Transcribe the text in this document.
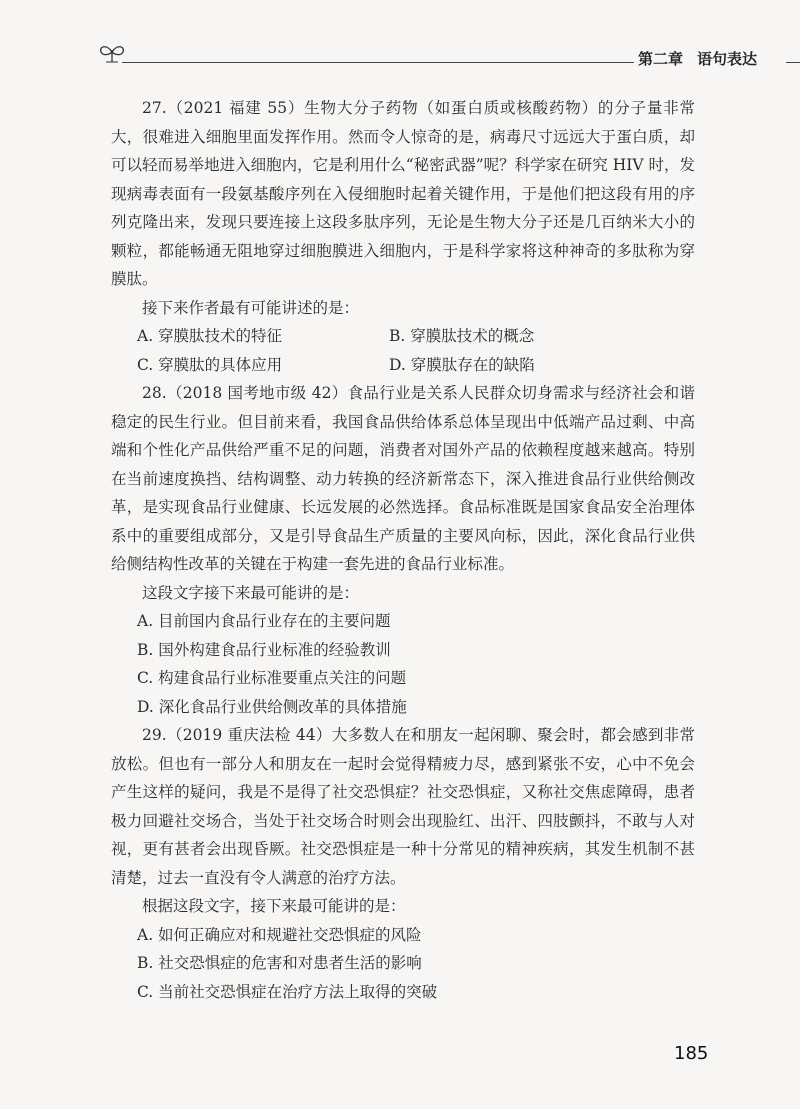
第二章 语句表达

27.（2021 福建 55）生物大分子药物（如蛋白质或核酸药物）的分子量非常大，很难进入细胞里面发挥作用。然而令人惊奇的是，病毒尺寸远远大于蛋白质，却可以轻而易举地进入细胞内，它是利用什么“秘密武器”呢？科学家在研究 HIV 时，发现病毒表面有一段氨基酸序列在入侵细胞时起着关键作用，于是他们把这段有用的序列克隆出来，发现只要连接上这段多肽序列，无论是生物大分子还是几百纳米大小的颗粒，都能畅通无阻地穿过细胞膜进入细胞内，于是科学家将这种神奇的多肽称为穿膜肽。

接下来作者最有可能讲述的是：

A. 穿膜肽技术的特征	B. 穿膜肽技术的概念
C. 穿膜肽的具体应用	D. 穿膜肽存在的缺陷

28.（2018 国考地市级 42）食品行业是关系人民群众切身需求与经济社会和谐稳定的民生行业。但目前来看，我国食品供给体系总体呈现出中低端产品过剩、中高端和个性化产品供给严重不足的问题，消费者对国外产品的依赖程度越来越高。特别在当前速度换挡、结构调整、动力转换的经济新常态下，深入推进食品行业供给侧改革，是实现食品行业健康、长远发展的必然选择。食品标准既是国家食品安全治理体系中的重要组成部分，又是引导食品生产质量的主要风向标，因此，深化食品行业供给侧结构性改革的关键在于构建一套先进的食品行业标准。

这段文字接下来最可能讲的是：

A. 目前国内食品行业存在的主要问题
B. 国外构建食品行业标准的经验教训
C. 构建食品行业标准要重点关注的问题
D. 深化食品行业供给侧改革的具体措施

29.（2019 重庆法检 44）大多数人在和朋友一起闲聊、聚会时，都会感到非常放松。但也有一部分人和朋友在一起时会觉得精疲力尽，感到紧张不安，心中不免会产生这样的疑问，我是不是得了社交恐惧症？社交恐惧症，又称社交焦虑障碍，患者极力回避社交场合，当处于社交场合时则会出现脸红、出汗、四肢颤抖，不敢与人对视，更有甚者会出现昏厥。社交恐惧症是一种十分常见的精神疾病，其发生机制不甚清楚，过去一直没有令人满意的治疗方法。

根据这段文字，接下来最可能讲的是：

A. 如何正确应对和规避社交恐惧症的风险
B. 社交恐惧症的危害和对患者生活的影响
C. 当前社交恐惧症在治疗方法上取得的突破
185
